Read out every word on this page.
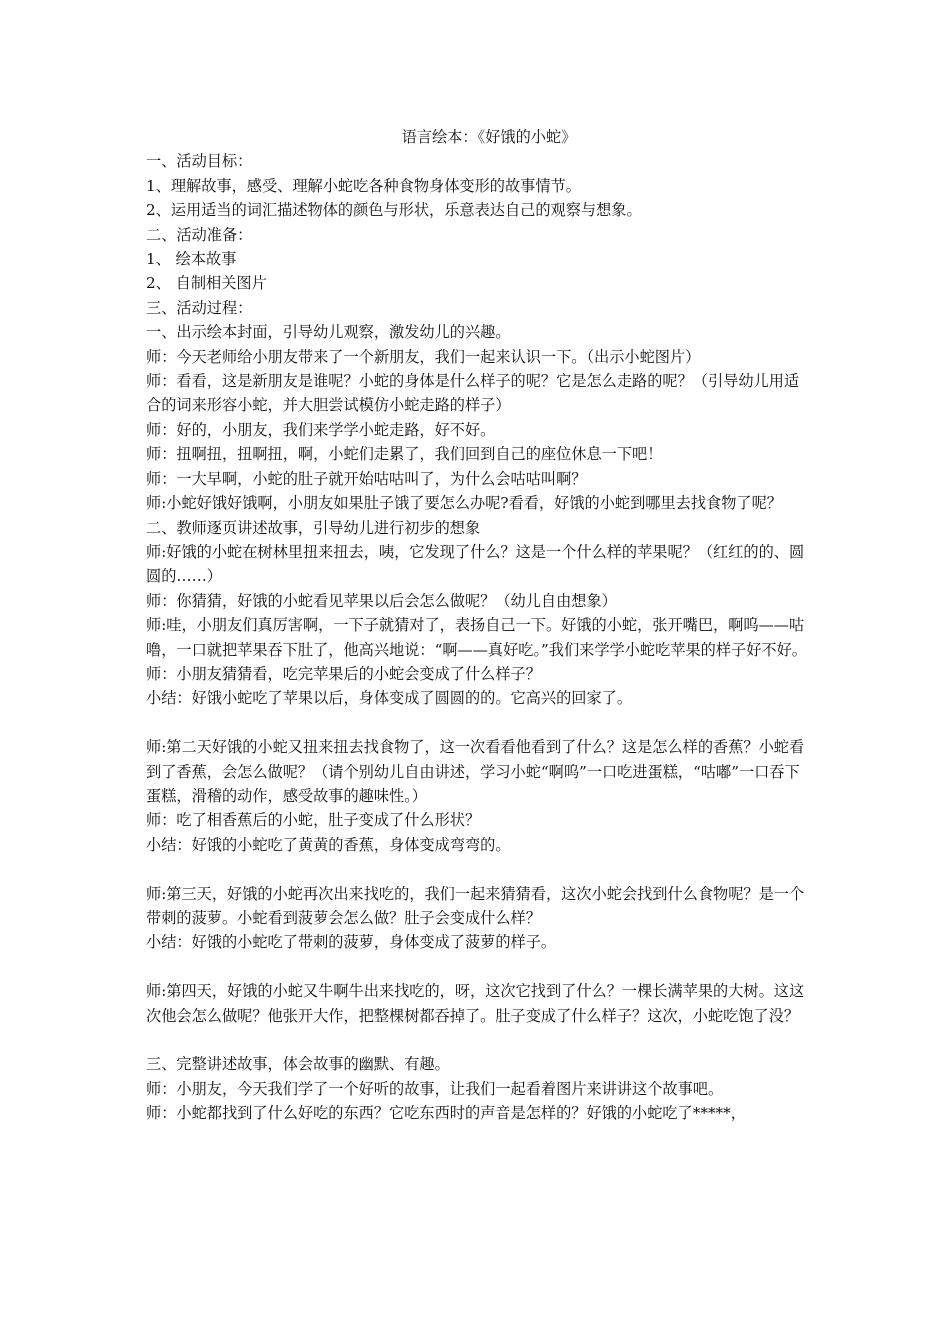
语言绘本：《好饿的小蛇》

一、活动目标：

1、理解故事，感受、理解小蛇吃各种食物身体变形的故事情节。

2、运用适当的词汇描述物体的颜色与形状，乐意表达自己的观察与想象。

二、活动准备：

1、 绘本故事

2、 自制相关图片

三、活动过程：

一、出示绘本封面，引导幼儿观察，激发幼儿的兴趣。

师：今天老师给小朋友带来了一个新朋友，我们一起来认识一下。（出示小蛇图片）

师：看看，这是新朋友是谁呢？小蛇的身体是什么样子的呢？它是怎么走路的呢？（引导幼儿用适合的词来形容小蛇，并大胆尝试模仿小蛇走路的样子）

师：好的，小朋友，我们来学学小蛇走路，好不好。

师：扭啊扭，扭啊扭，啊，小蛇们走累了，我们回到自己的座位休息一下吧！

师：一大早啊，小蛇的肚子就开始咕咕叫了，为什么会咕咕叫啊？

师:小蛇好饿好饿啊，小朋友如果肚子饿了要怎么办呢?看看，好饿的小蛇到哪里去找食物了呢？

二、教师逐页讲述故事，引导幼儿进行初步的想象

师:好饿的小蛇在树林里扭来扭去，咦，它发现了什么？这是一个什么样的苹果呢？（红红的的、圆圆的……）

师：你猜猜，好饿的小蛇看见苹果以后会怎么做呢？（幼儿自由想象）

师:哇，小朋友们真厉害啊，一下子就猜对了，表扬自己一下。好饿的小蛇，张开嘴巴，啊呜——咕噜，一口就把苹果吞下肚了，他高兴地说：“啊——真好吃。”我们来学学小蛇吃苹果的样子好不好。

师：小朋友猜猜看，吃完苹果后的小蛇会变成了什么样子？

小结：好饿小蛇吃了苹果以后，身体变成了圆圆的的。它高兴的回家了。

师:第二天好饿的小蛇又扭来扭去找食物了，这一次看看他看到了什么？这是怎么样的香蕉？小蛇看到了香蕉，会怎么做呢？（请个别幼儿自由讲述，学习小蛇“啊呜”一口吃进蛋糕，“咕嘟”一口吞下蛋糕，滑稽的动作，感受故事的趣味性。）

师：吃了相香蕉后的小蛇，肚子变成了什么形状？

小结：好饿的小蛇吃了黄黄的香蕉，身体变成弯弯的。

师:第三天，好饿的小蛇再次出来找吃的，我们一起来猜猜看，这次小蛇会找到什么食物呢？是一个带刺的菠萝。小蛇看到菠萝会怎么做？肚子会变成什么样？

小结：好饿的小蛇吃了带刺的菠萝，身体变成了菠萝的样子。

师:第四天，好饿的小蛇又牛啊牛出来找吃的，呀，这次它找到了什么？一棵长满苹果的大树。这这次他会怎么做呢？他张开大作，把整棵树都吞掉了。肚子变成了什么样子？这次，小蛇吃饱了没？

三、完整讲述故事，体会故事的幽默、有趣。

师：小朋友，今天我们学了一个好听的故事，让我们一起看着图片来讲讲这个故事吧。

师：小蛇都找到了什么好吃的东西？它吃东西时的声音是怎样的？好饿的小蛇吃了*****，
